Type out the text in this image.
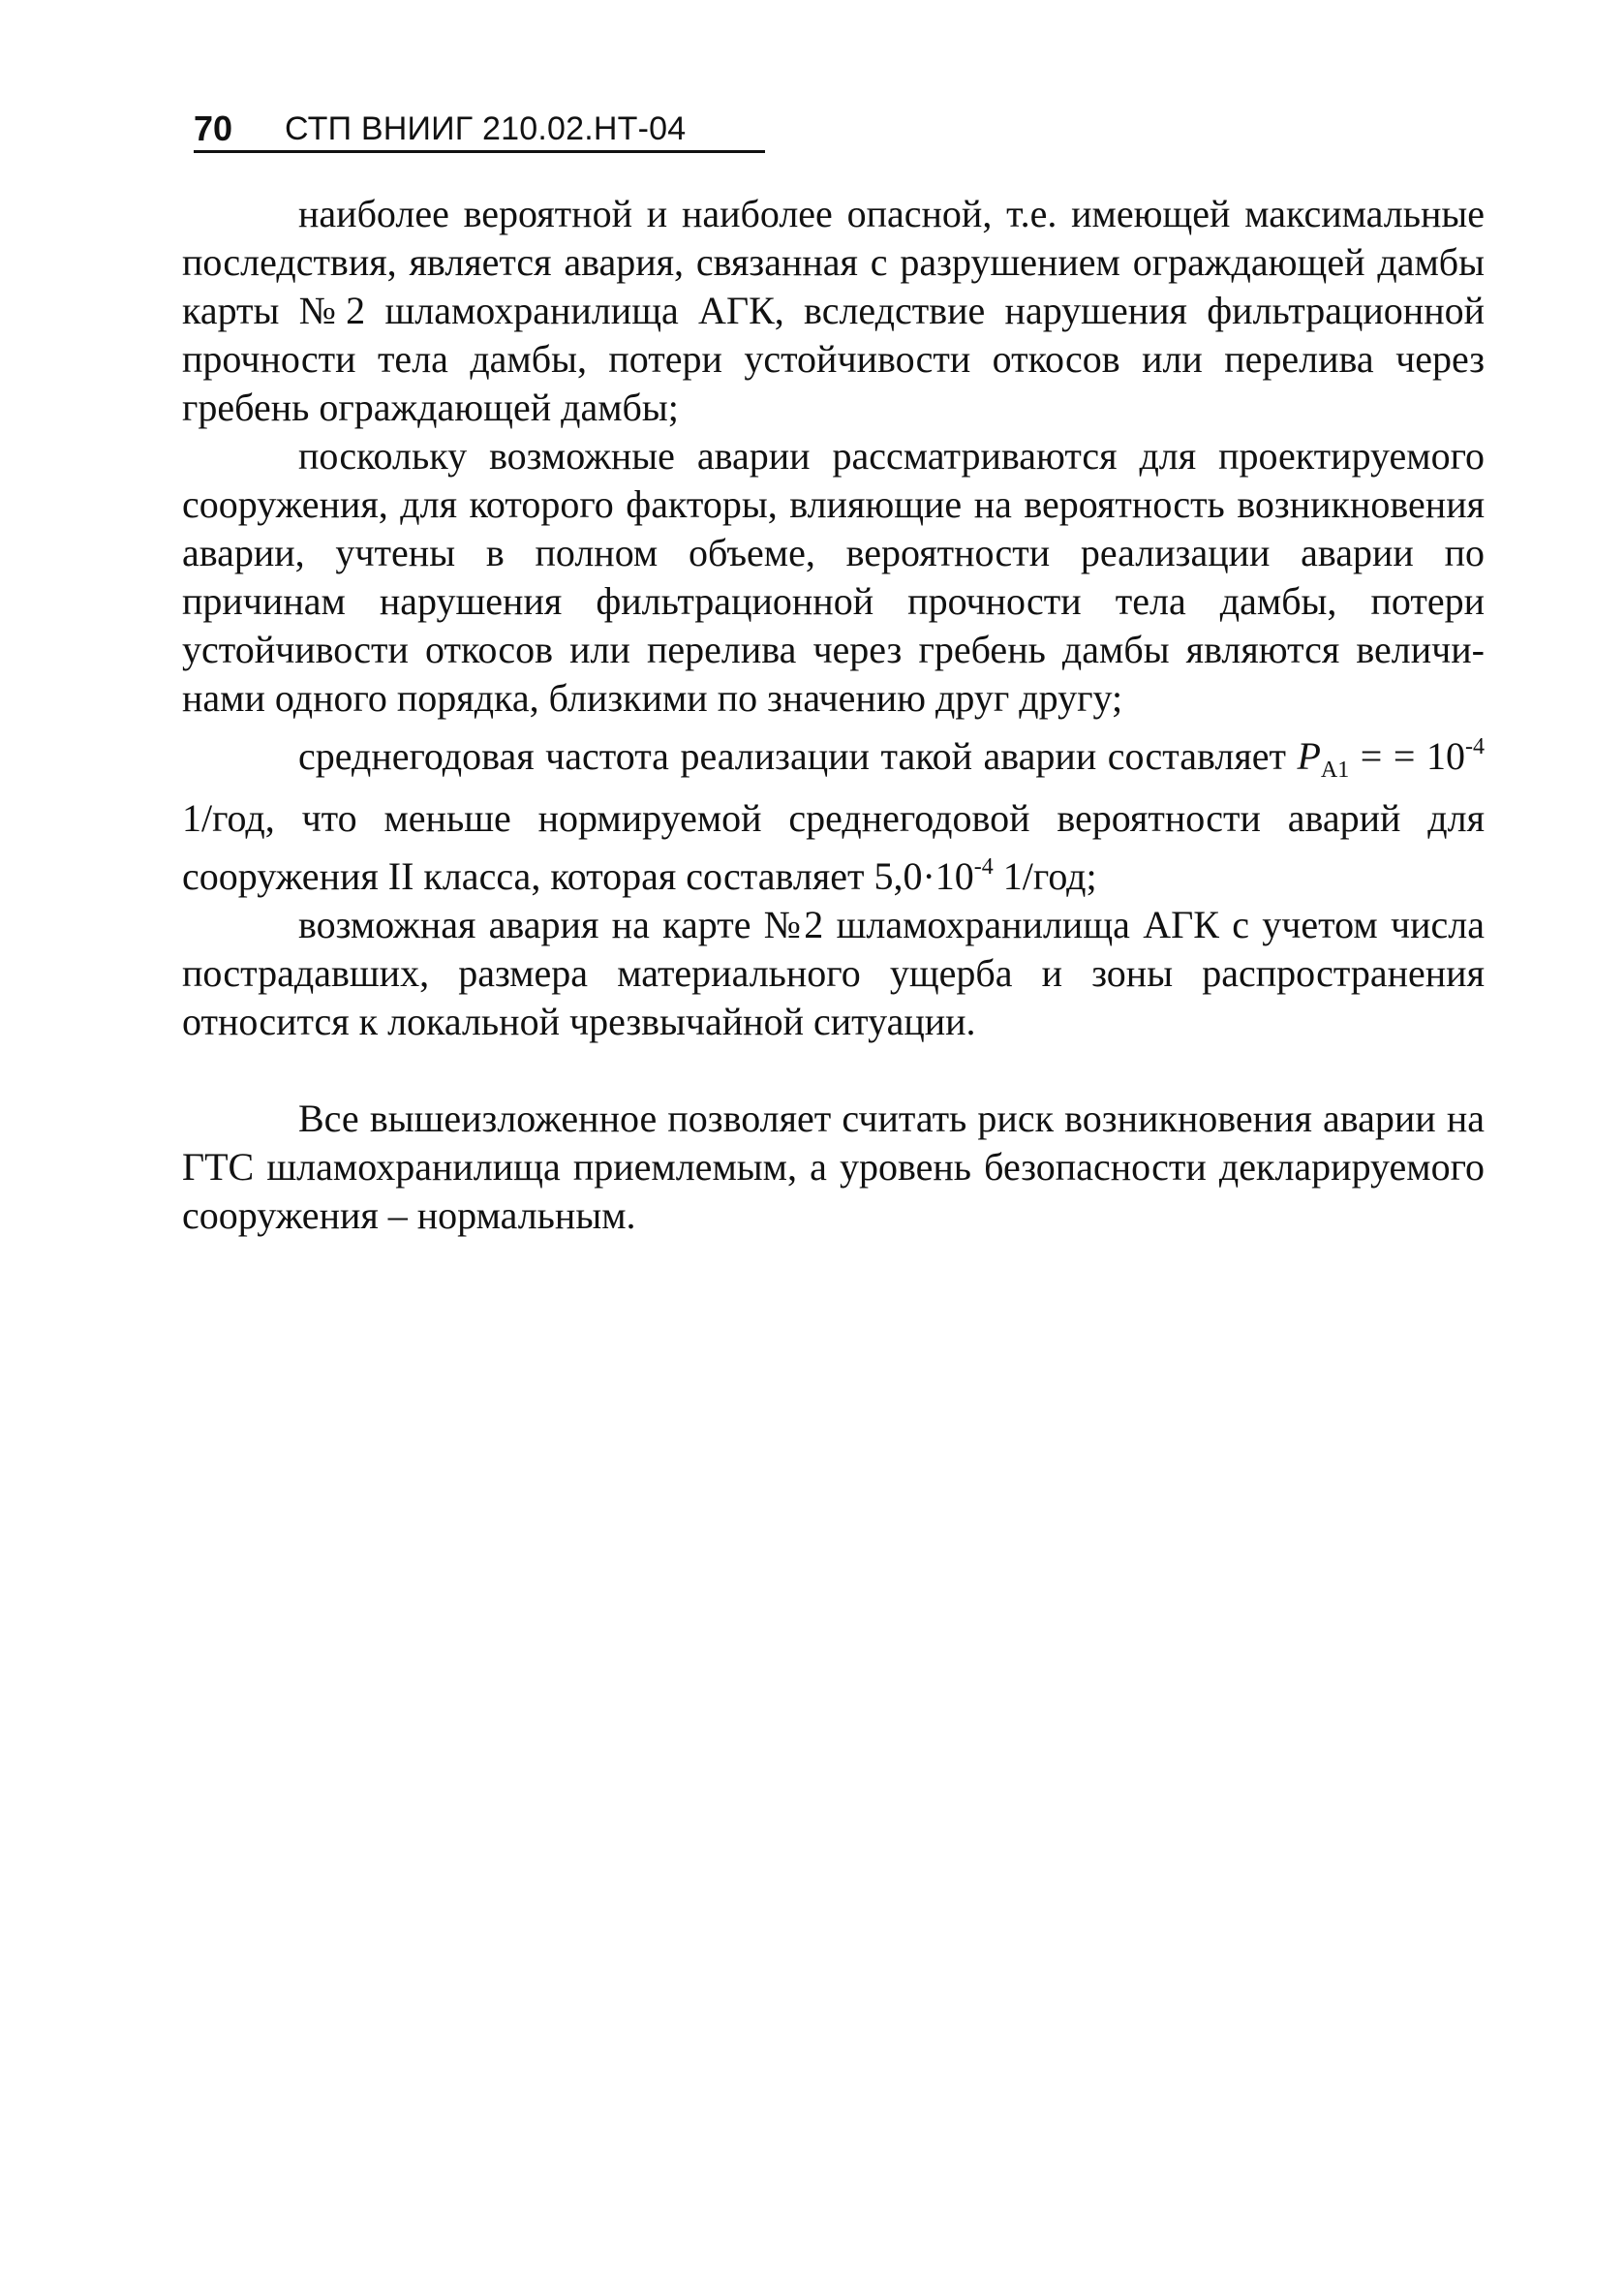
70	СТП ВНИИГ 210.02.НТ-04

наиболее вероятной и наиболее опасной, т.е. имеющей максимальные последствия, является авария, связанная с разрушением ограждающей дамбы карты №2 шламохранилища АГК, вследствие нарушения фильтрационной прочности тела дамбы, потери устойчивости откосов или перелива через гребень ограждающей дамбы;

поскольку возможные аварии рассматриваются для проектируемого сооружения, для которого факторы, влияющие на вероятность возникновения аварии, учтены в полном объеме, вероятности реализации аварии по причинам нарушения фильтрационной прочности тела дамбы, потери устойчивости откосов или перелива через гребень дамбы являются величинами одного порядка, близкими по значению друг другу;

среднегодовая частота реализации такой аварии составляет $P_{A1}$ = = $10^{-4}$ 1/год, что меньше нормируемой среднегодовой вероятности аварий для сооружения II класса, которая составляет $5,0\cdot 10^{-4}$ 1/год;

возможная авария на карте №2 шламохранилища АГК с учетом числа пострадавших, размера материального ущерба и зоны распространения относится к локальной чрезвычайной ситуации.

Все вышеизложенное позволяет считать риск возникновения аварии на ГТС шламохранилища приемлемым, а уровень безопасности декларируемого сооружения – нормальным.
